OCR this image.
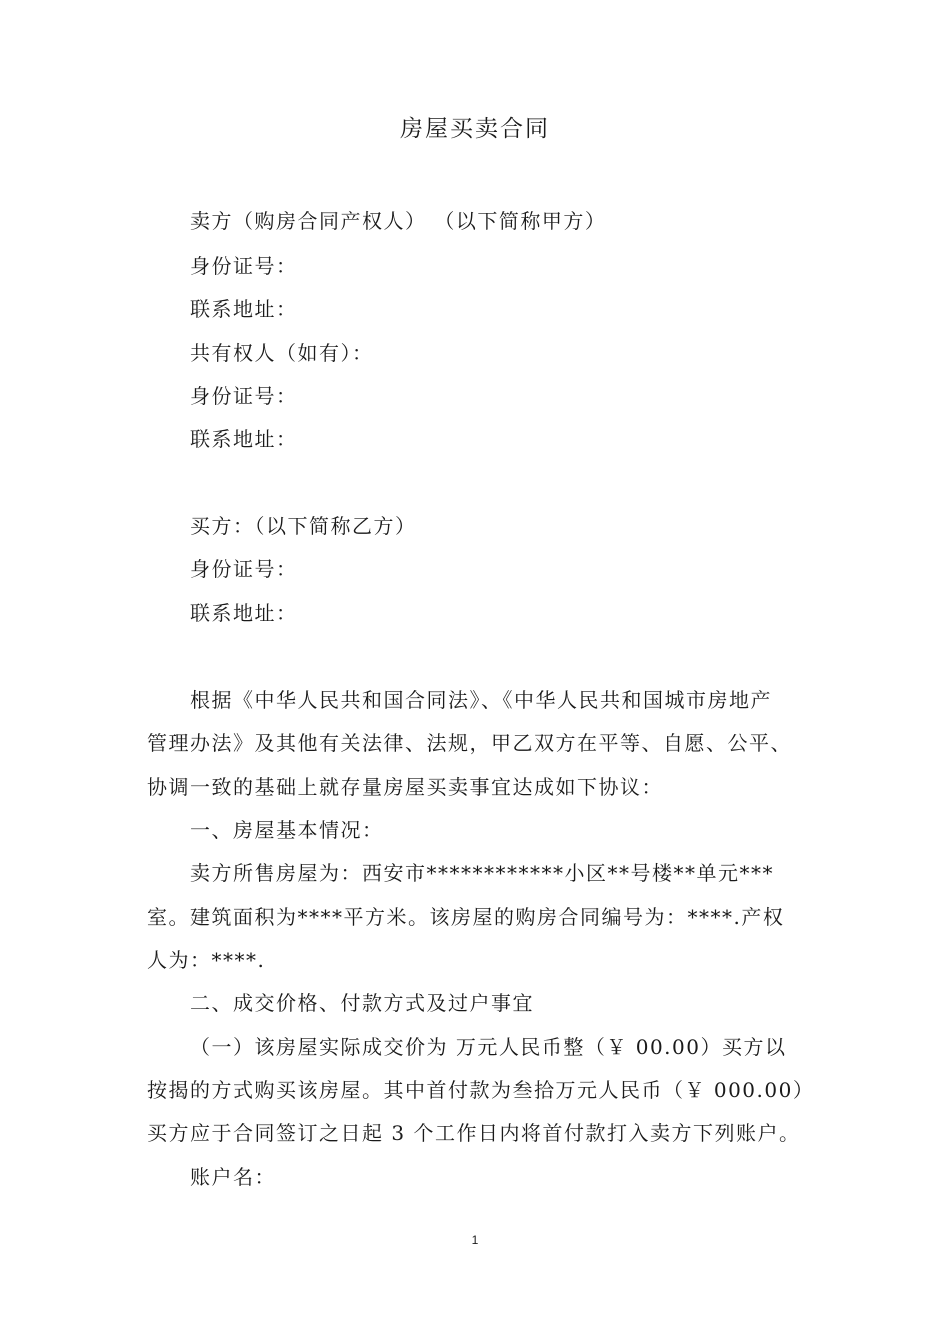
房屋买卖合同
卖方（购房合同产权人） （以下简称甲方）
身份证号：
联系地址：
共有权人（如有）：
身份证号：
联系地址：
买方：（以下简称乙方）
身份证号：
联系地址：
根据《中华人民共和国合同法》、《中华人民共和国城市房地产
管理办法》及其他有关法律、法规，甲乙双方在平等、自愿、公平、
协调一致的基础上就存量房屋买卖事宜达成如下协议：
一、房屋基本情况：
卖方所售房屋为：西安市************小区**号楼**单元***
室。建筑面积为****平方米。该房屋的购房合同编号为：****.产权
人为：****.
二、成交价格、付款方式及过户事宜
（一）该房屋实际成交价为 万元人民币整（￥ 00.00）买方以
按揭的方式购买该房屋。其中首付款为叁拾万元人民币（￥ 000.00）
买方应于合同签订之日起 3 个工作日内将首付款打入卖方下列账户。
账户名：
1
